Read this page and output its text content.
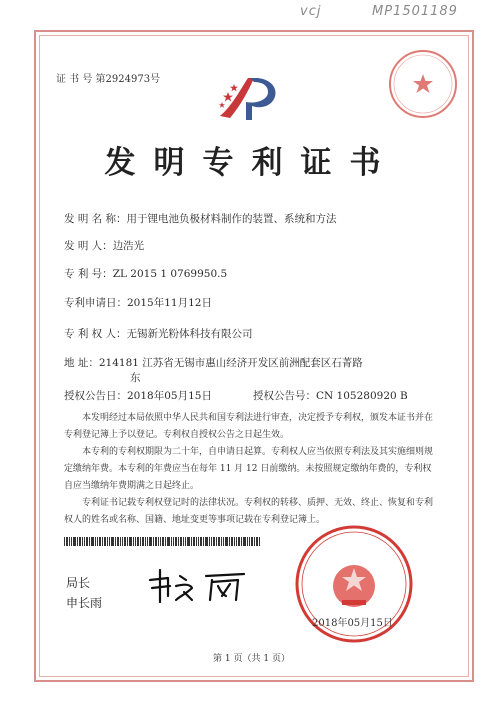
vcj	MP1501189
证 书 号 第2924973号
发明专利证书
发 明 名 称：用于锂电池负极材料制作的装置、系统和方法
发 明 人：边浩光
专 利 号：ZL 2015 1 0769950.5
专利申请日：2015年11月12日
专 利 权 人：无锡新光粉体科技有限公司
地 址：214181 江苏省无锡市惠山经济开发区前洲配套区石菁路
东
授权公告日：2018年05月15日	授权公告号：CN 105280920 B
本发明经过本局依照中华人民共和国专利法进行审查，决定授予专利权，颁发本证书并在专利登记簿上予以登记。专利权自授权公告之日起生效。
本专利的专利权期限为二十年，自申请日起算。专利权人应当依照专利法及其实施细则规定缴纳年费。本专利的年费应当在每年 11 月 12 日前缴纳。未按照规定缴纳年费的，专利权自应当缴纳年费期满之日起终止。
专利证书记载专利权登记时的法律状况。专利权的转移、质押、无效、终止、恢复和专利权人的姓名或名称、国籍、地址变更等事项记载在专利登记簿上。
局长
申长雨
2018年05月15日
第 1 页（共 1 页）
